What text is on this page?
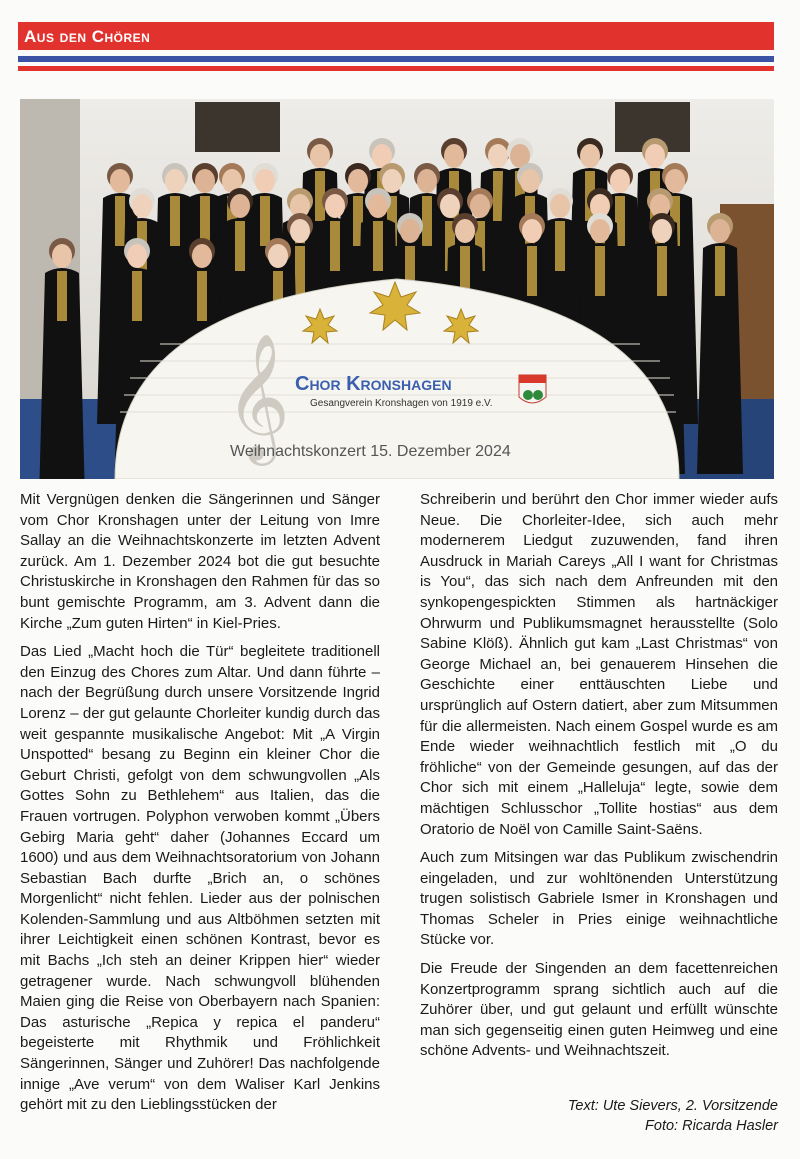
Aus den Chören
𝄞 Chor Kronshagen
Gesangverein Kronshagen von 1919 e.V.
Weihnachtskonzert 15. Dezember 2024

Mit Vergnügen denken die Sängerinnen und Sänger vom Chor Kronshagen unter der Leitung von Imre Sallay an die Weihnachtskonzerte im letzten Advent zurück. Am 1. Dezember 2024 bot die gut besuchte Christuskirche in Kronshagen den Rahmen für das so bunt gemischte Programm, am 3. Advent dann die Kirche „Zum guten Hirten“ in Kiel-Pries.

Das Lied „Macht hoch die Tür“ begleitete traditionell den Einzug des Chores zum Altar. Und dann führte – nach der Begrüßung durch unsere Vorsitzende Ingrid Lorenz – der gut gelaunte Chorleiter kundig durch das weit gespannte musikalische Angebot: Mit „A Virgin Unspotted“ besang zu Beginn ein kleiner Chor die Geburt Christi, gefolgt von dem schwungvollen „Als Gottes Sohn zu Bethlehem“ aus Italien, das die Frauen vortrugen. Polyphon verwoben kommt „Übers Gebirg Maria geht“ daher (Johannes Eccard um 1600) und aus dem Weihnachtsoratorium von Johann Sebastian Bach durfte „Brich an, o schönes Morgenlicht“ nicht fehlen. Lieder aus der polnischen Kolenden-Sammlung und aus Altböhmen setzten mit ihrer Leichtigkeit einen schönen Kontrast, bevor es mit Bachs „Ich steh an deiner Krippen hier“ wieder getragener wurde. Nach schwungvoll blühenden Maien ging die Reise von Oberbayern nach Spanien: Das asturische „Repica y repica el panderu“ begeisterte mit Rhythmik und Fröhlichkeit Sängerinnen, Sänger und Zuhörer! Das nachfolgende innige „Ave verum“ von dem Waliser Karl Jenkins gehört mit zu den Lieblingsstücken der

Schreiberin und berührt den Chor immer wieder aufs Neue. Die Chorleiter-Idee, sich auch mehr modernerem Liedgut zuzuwenden, fand ihren Ausdruck in Mariah Careys „All I want for Christmas is You“, das sich nach dem Anfreunden mit den synkopengespickten Stimmen als hartnäckiger Ohrwurm und Publikumsmagnet herausstellte (Solo Sabine Klöß). Ähnlich gut kam „Last Christmas“ von George Michael an, bei genauerem Hinsehen die Geschichte einer enttäuschten Liebe und ursprünglich auf Ostern datiert, aber zum Mitsummen für die allermeisten. Nach einem Gospel wurde es am Ende wieder weihnachtlich festlich mit „O du fröhliche“ von der Gemeinde gesungen, auf das der Chor sich mit einem „Halleluja“ legte, sowie dem mächtigen Schlusschor „Tollite hostias“ aus dem Oratorio de Noël von Camille Saint-Saëns.

Auch zum Mitsingen war das Publikum zwischendrin eingeladen, und zur wohltönenden Unterstützung trugen solistisch Gabriele Ismer in Kronshagen und Thomas Scheler in Pries einige weihnachtliche Stücke vor.

Die Freude der Singenden an dem facettenreichen Konzertprogramm sprang sichtlich auch auf die Zuhörer über, und gut gelaunt und erfüllt wünschte man sich gegenseitig einen guten Heimweg und eine schöne Advents- und Weihnachtszeit.

Text: Ute Sievers, 2. Vorsitzende
Foto: Ricarda Hasler
